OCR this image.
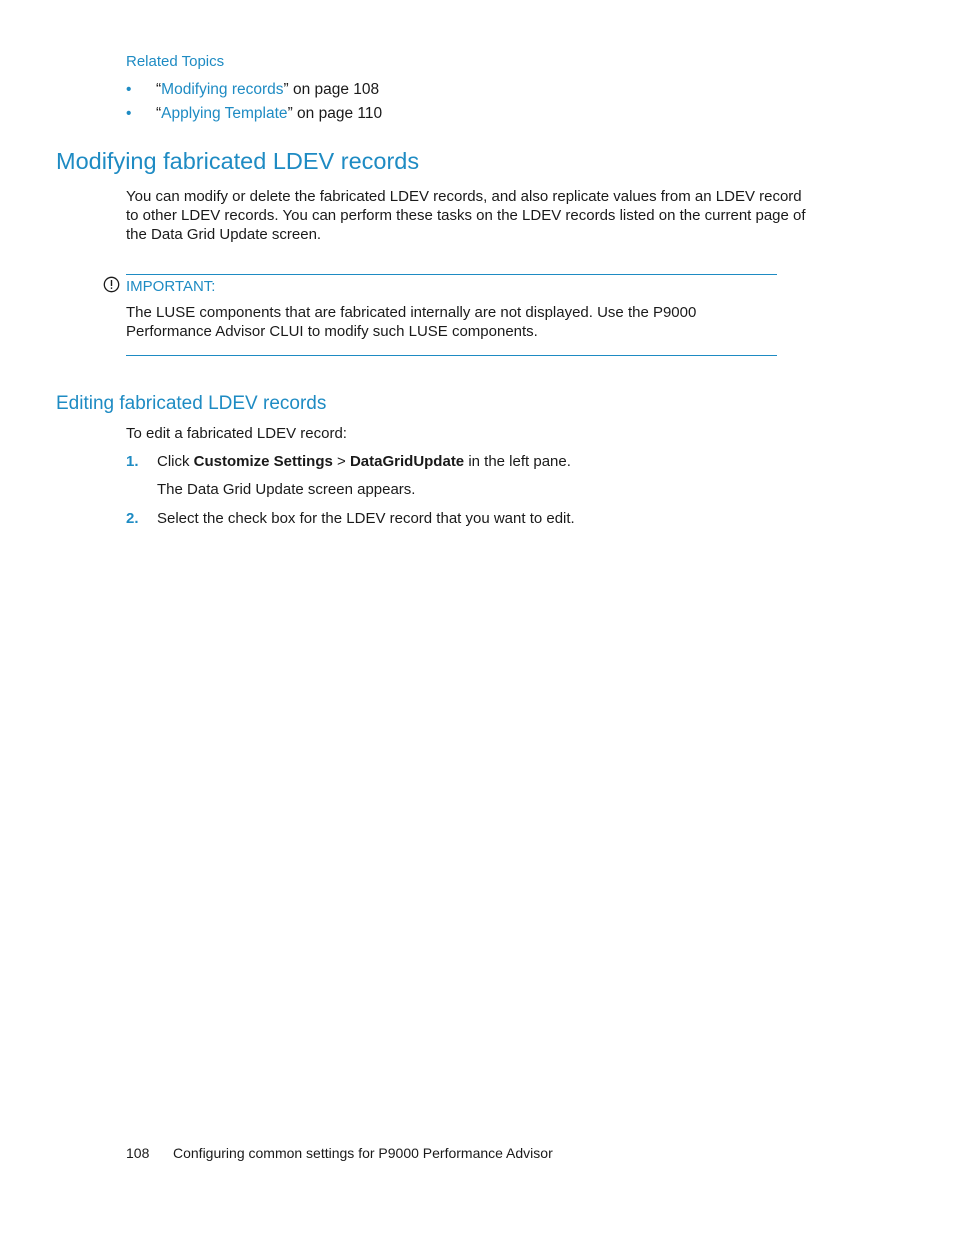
Related Topics
• “Modifying records” on page 108
• “Applying Template” on page 110
Modifying fabricated LDEV records
You can modify or delete the fabricated LDEV records, and also replicate values from an LDEV record to other LDEV records. You can perform these tasks on the LDEV records listed on the current page of the Data Grid Update screen.
IMPORTANT:
The LUSE components that are fabricated internally are not displayed. Use the P9000 Performance Advisor CLUI to modify such LUSE components.
Editing fabricated LDEV records
To edit a fabricated LDEV record:
1. Click Customize Settings > DataGridUpdate in the left pane.
The Data Grid Update screen appears.
2. Select the check box for the LDEV record that you want to edit.
108 Configuring common settings for P9000 Performance Advisor
